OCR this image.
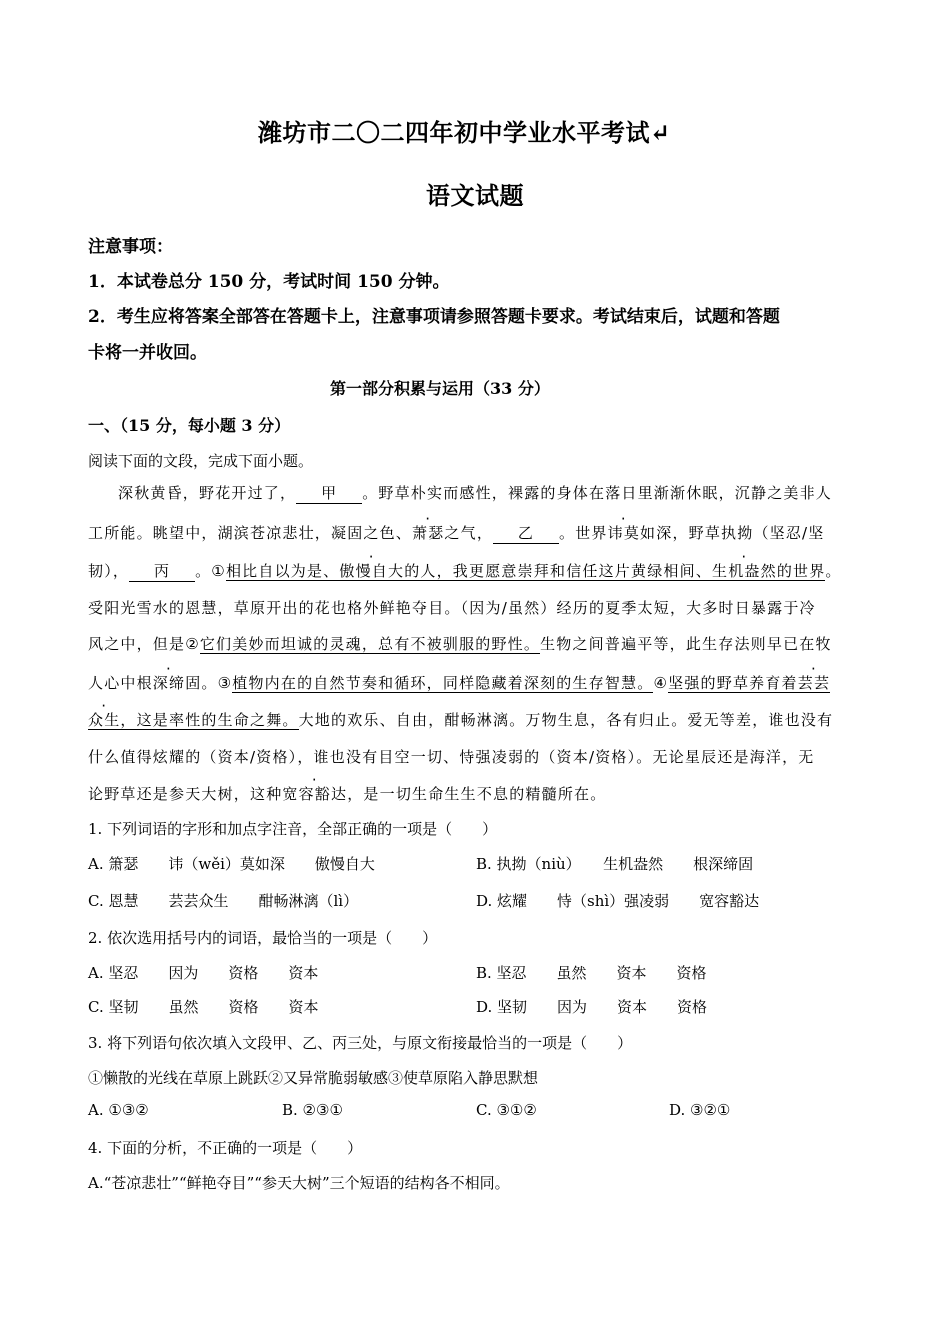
潍坊市二〇二四年初中学业水平考试↵
语文试题
注意事项：
1．本试卷总分 150 分，考试时间 150 分钟。
2．考生应将答案全部答在答题卡上，注意事项请参照答题卡要求。考试结束后，试题和答题
卡将一并收回。
第一部分积累与运用（33 分）
一、（15 分，每小题 3 分）
阅读下面的文段，完成下面小题。
深秋黄昏，野花开过了， 甲 。野草朴实而感性，裸露的身体在落日里渐渐休眠，沉静之美非人
工所能。眺望中，湖滨苍凉悲壮，凝固之色、萧瑟之气， 乙 。世界讳莫如深，野草执拗（坚忍/坚
韧）， 丙 。①相比自以为是、傲慢自大的人，我更愿意崇拜和信任这片黄绿相间、生机盎然的世界。
受阳光雪水的恩慧，草原开出的花也格外鲜艳夺目。（因为/虽然）经历的夏季太短，大多时日暴露于冷
风之中，但是②它们美妙而坦诚的灵魂，总有不被驯服的野性。生物之间普遍平等，此生存法则早已在牧
人心中根深缔固。③植物内在的自然节奏和循环，同样隐藏着深刻的生存智慧。④坚强的野草养育着芸芸
众生，这是率性的生命之舞。大地的欢乐、自由，酣畅淋漓。万物生息，各有归止。爱无等差，谁也没有
什么值得炫耀的（资本/资格），谁也没有目空一切、恃强凌弱的（资本/资格）。无论星辰还是海洋，无
论野草还是参天大树，这种宽容豁达，是一切生命生生不息的精髓所在。
1. 下列词语的字形和加点字注音，全部正确的一项是（　　）
A. 箫瑟　　讳（wěi）莫如深　　傲慢自大	B. 执拗（niù）　　生机盎然　　根深缔固
C. 恩慧　　芸芸众生　　酣畅淋漓（lì）	D. 炫耀　　恃（shì）强凌弱　　宽容豁达
2. 依次选用括号内的词语，最恰当的一项是（　　）
A. 坚忍　　因为　　资格　　资本	B. 坚忍　　虽然　　资本　　资格
C. 坚韧　　虽然　　资格　　资本	D. 坚韧　　因为　　资本　　资格
3. 将下列语句依次填入文段甲、乙、丙三处，与原文衔接最恰当的一项是（　　）
①懒散的光线在草原上跳跃②又异常脆弱敏感③使草原陷入静思默想
A. ①③②	B. ②③①	C. ③①②	D. ③②①
4. 下面的分析，不正确的一项是（　　）
A.“苍凉悲壮”“鲜艳夺目”“参天大树”三个短语的结构各不相同。
